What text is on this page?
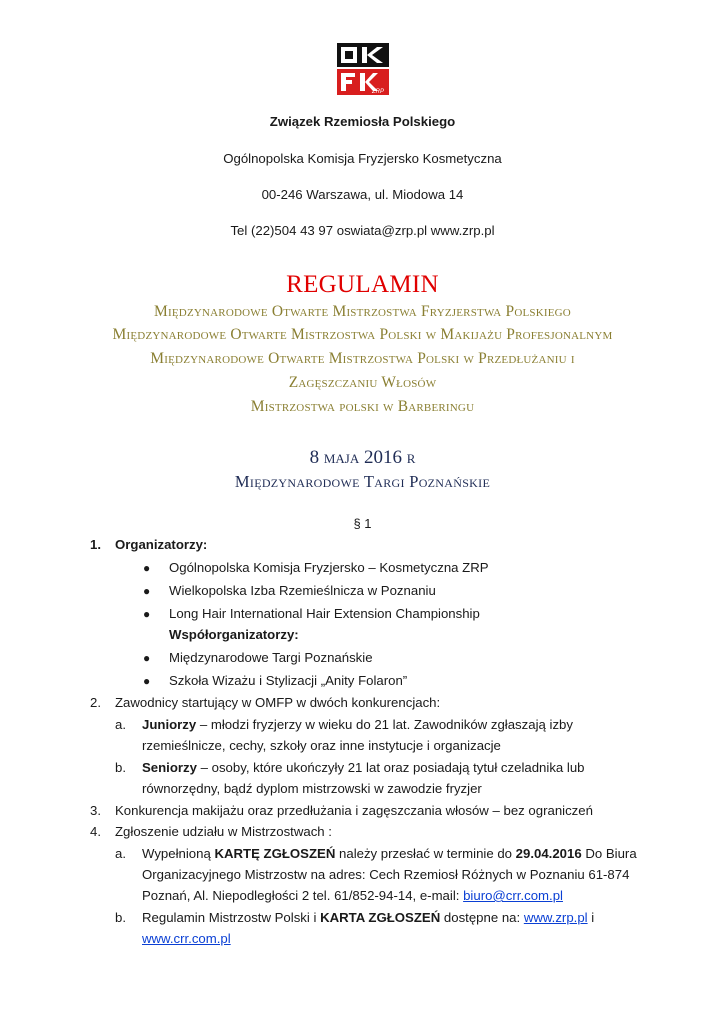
ZRP
Związek Rzemiosła Polskiego
Ogólnopolska Komisja Fryzjersko Kosmetyczna
00-246 Warszawa, ul. Miodowa 14
Tel (22)504 43 97 oswiata@zrp.pl www.zrp.pl
REGULAMIN
Międzynarodowe Otwarte Mistrzostwa Fryzjerstwa Polskiego
Międzynarodowe Otwarte Mistrzostwa Polski w Makijażu Profesjonalnym
Międzynarodowe Otwarte Mistrzostwa Polski w Przedłużaniu i
Zagęszczaniu Włosów
Mistrzostwa polski w Barberingu
8 maja 2016 r
Międzynarodowe Targi Poznańskie
§ 1
1. Organizatorzy:
● Ogólnopolska Komisja Fryzjersko – Kosmetyczna ZRP
● Wielkopolska Izba Rzemieślnicza w Poznaniu
● Long Hair International Hair Extension Championship
Współorganizatorzy:
● Międzynarodowe Targi Poznańskie
● Szkoła Wizażu i Stylizacji „Anity Folaron”
2. Zawodnicy startujący w OMFP w dwóch konkurencjach:
a. Juniorzy – młodzi fryzjerzy w wieku do 21 lat. Zawodników zgłaszają izby
rzemieślnicze, cechy, szkoły oraz inne instytucje i organizacje
b. Seniorzy – osoby, które ukończyły 21 lat oraz posiadają tytuł czeladnika lub
równorzędny, bądź dyplom mistrzowski w zawodzie fryzjer
3. Konkurencja makijażu oraz przedłużania i zagęszczania włosów – bez ograniczeń
4. Zgłoszenie udziału w Mistrzostwach :
a. Wypełnioną KARTĘ ZGŁOSZEŃ należy przesłać w terminie do 29.04.2016 Do Biura
Organizacyjnego Mistrzostw na adres: Cech Rzemiosł Różnych w Poznaniu 61-874
Poznań, Al. Niepodległości 2 tel. 61/852-94-14, e-mail: biuro@crr.com.pl
b. Regulamin Mistrzostw Polski i KARTA ZGŁOSZEŃ dostępne na: www.zrp.pl i
www.crr.com.pl
